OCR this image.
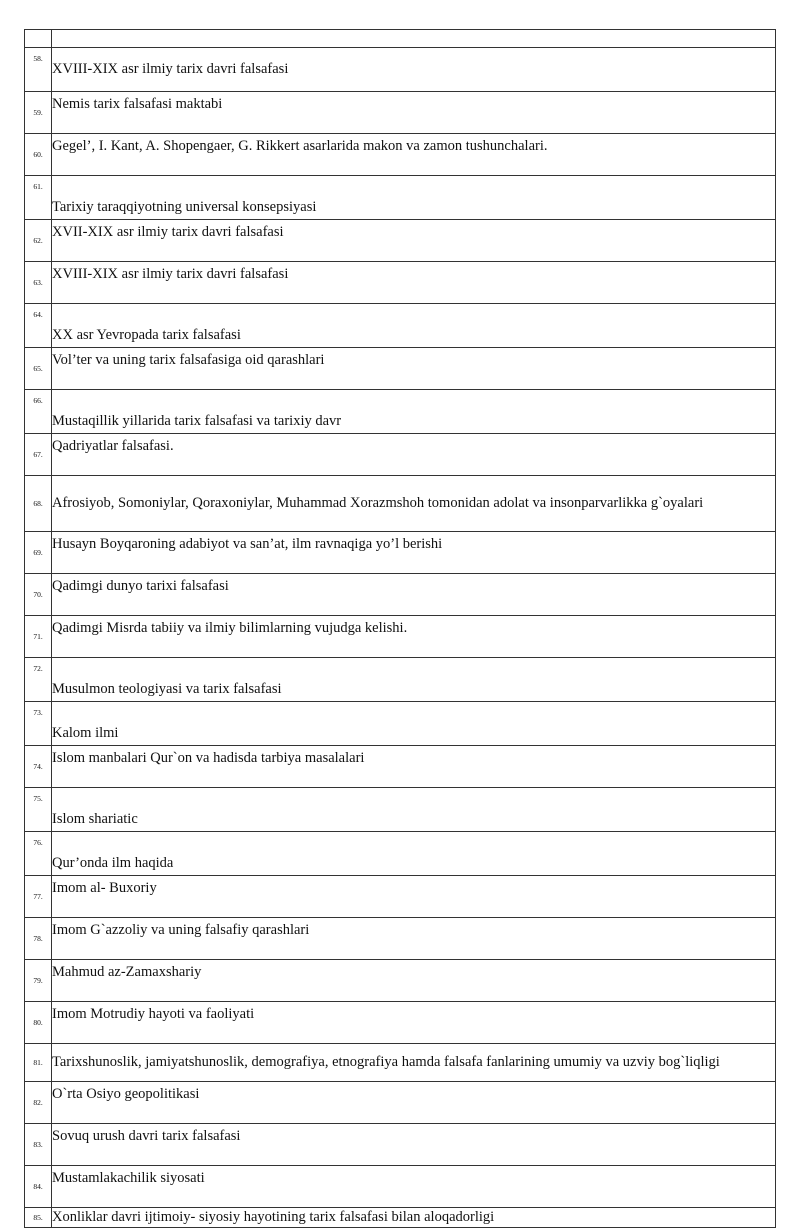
58.	XVIII-XIX asr ilmiy tarix davri falsafasi
59.	Nemis tarix falsafasi maktabi
60.	Gegel’, I. Kant, A. Shopengaer, G. Rikkert asarlarida makon va zamon tushunchalari.
61.	Tarixiy taraqqiyotning universal konsepsiyasi
62.	XVII-XIX asr ilmiy tarix davri falsafasi
63.	XVIII-XIX asr ilmiy tarix davri falsafasi
64.	XX asr Yevropada tarix falsafasi
65.	Vol’ter va uning tarix falsafasiga oid qarashlari
66.	Mustaqillik yillarida tarix falsafasi va tarixiy davr
67.	Qadriyatlar falsafasi.
68.	Afrosiyob, Somoniylar, Qoraxoniylar, Muhammad Xorazmshoh tomonidan adolat va insonparvarlikka g`oyalari
69.	Husayn Boyqaroning adabiyot va san’at, ilm ravnaqiga yo’l berishi
70.	Qadimgi dunyo tarixi falsafasi
71.	Qadimgi Misrda tabiiy va ilmiy bilimlarning vujudga kelishi.
72.	Musulmon teologiyasi va tarix falsafasi
73.	Kalom ilmi
74.	Islom manbalari Qur`on va hadisda tarbiya masalalari
75.	Islom shariatic
76.	Qur’onda ilm haqida
77.	Imom al- Buxoriy
78.	Imom G`azzoliy va uning falsafiy qarashlari
79.	Mahmud az-Zamaxshariy
80.	Imom Motrudiy hayoti va faoliyati
81.	Tarixshunoslik, jamiyatshunoslik, demografiya, etnografiya hamda falsafa fanlarining umumiy va uzviy bog`liqligi
82.	O`rta Osiyo geopolitikasi
83.	Sovuq urush davri tarix falsafasi
84.	Mustamlakachilik siyosati
85.	Xonliklar davri ijtimoiy- siyosiy hayotining tarix falsafasi bilan aloqadorligi
